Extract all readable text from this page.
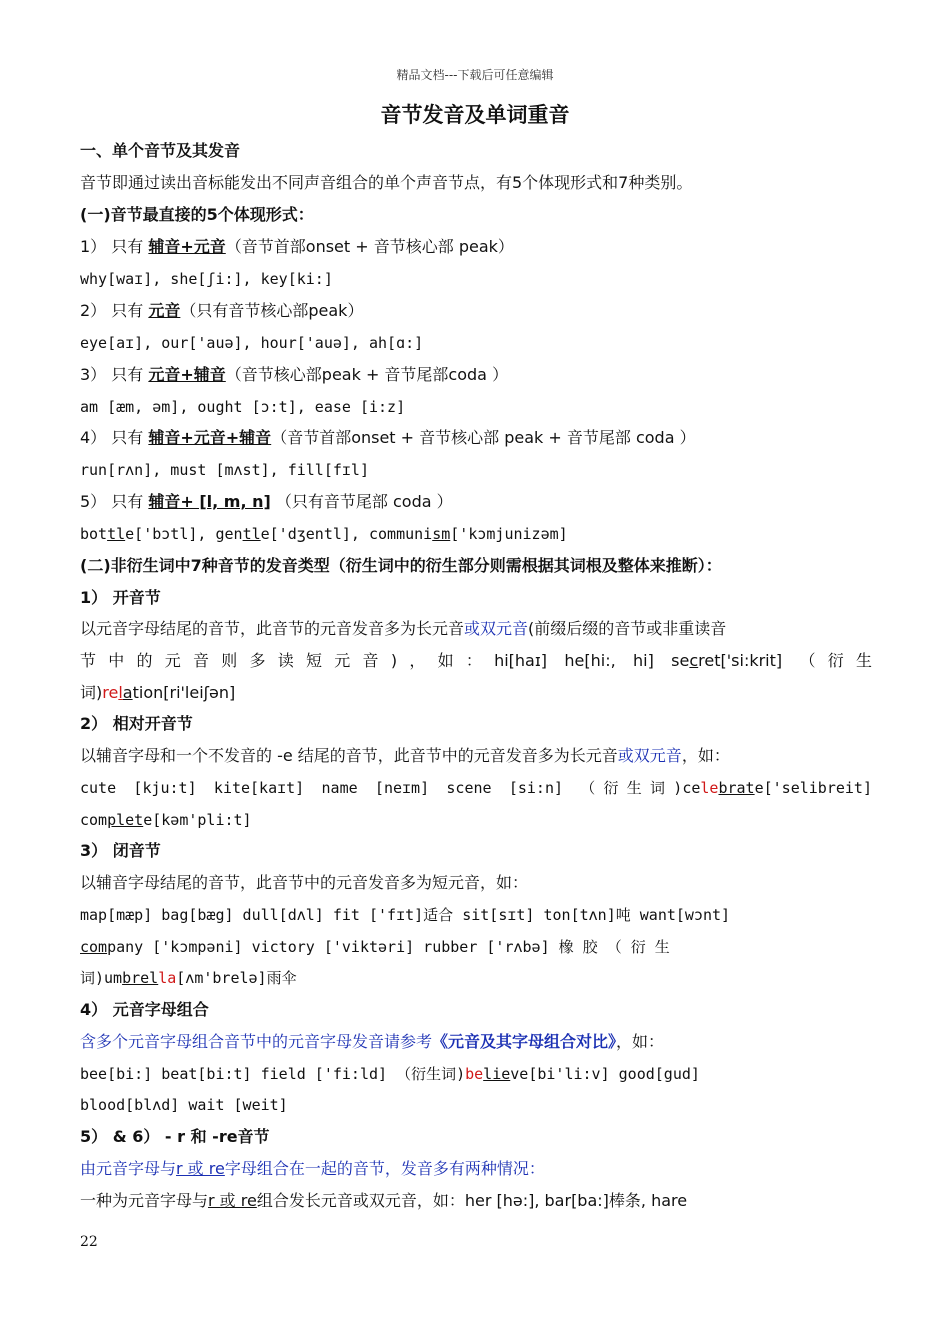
精品文档---下载后可任意编辑
音节发音及单词重音
一、单个音节及其发音
音节即通过读出音标能发出不同声音组合的单个声音节点，有5个体现形式和7种类别。
(一)音节最直接的5个体现形式：
1） 只有 辅音+元音（音节首部onset + 音节核心部 peak）
why[waɪ], she[ʃi:], key[ki:]
2） 只有 元音（只有音节核心部peak）
eye[aɪ], our['auə], hour['auə], ah[ɑ:]
3） 只有 元音+辅音（音节核心部peak + 音节尾部coda ）
am [æm, əm], ought [ɔ:t], ease [i:z]
4） 只有 辅音+元音+辅音（音节首部onset + 音节核心部 peak + 音节尾部 coda ）
run[rʌn], must [mʌst], fill[fɪl]
5） 只有 辅音+ [l, m, n] （只有音节尾部 coda ）
bottle['bɔtl], gentle['dʒentl], communism['kɔmjunizəm]
(二)非衍生词中7种音节的发音类型（衍生词中的衍生部分则需根据其词根及整体来推断）：
1） 开音节
以元音字母结尾的音节，此音节的元音发音多为长元音或双元音(前缀后缀的音节或非重读音
节中的元音则多读短元音)，如：hi[haɪ] he[hi:, hi] secret['si:krit] （衍生
词)relation[ri'leiʃən]
2） 相对开音节
以辅音字母和一个不发音的 -e 结尾的音节，此音节中的元音发音多为长元音或双元音，如：
cute [kju:t] kite[kaɪt] name [neɪm] scene [si:n] （衍生词)celebrate['selibreit]
complete[kəm'pli:t]
3） 闭音节
以辅音字母结尾的音节，此音节中的元音发音多为短元音，如：
map[mæp] bag[bæg] dull[dʌl] fit ['fɪt]适合 sit[sɪt] ton[tʌn]吨 want[wɔnt]
company ['kɔmpəni] victory ['viktəri] rubber ['rʌbə] 橡 胶 （ 衍 生
词)umbrella[ʌm'brelə]雨伞
4） 元音字母组合
含多个元音字母组合音节中的元音字母发音请参考《元音及其字母组合对比》，如：
bee[bi:] beat[bi:t] field ['fi:ld] （衍生词)believe[bi'li:v] good[gud]
blood[blʌd] wait [weit]
5） & 6） - r 和 -re音节
由元音字母与r 或 re字母组合在一起的音节，发音多有两种情况：
一种为元音字母与r 或 re组合发长元音或双元音，如：her [hə:], bar[ba:]棒条, hare
22
